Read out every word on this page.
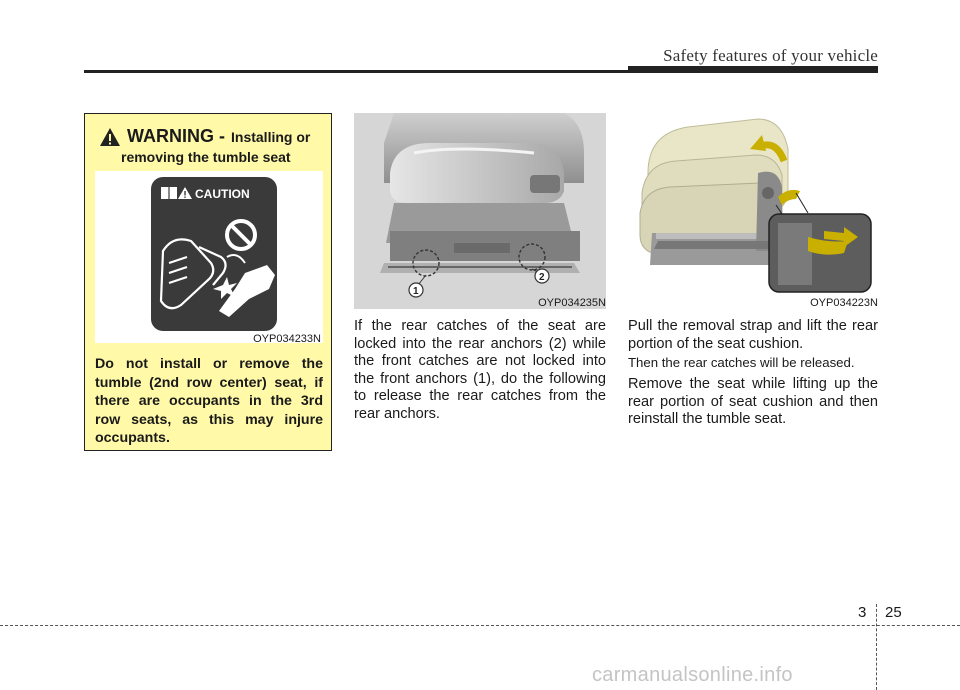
Safety features of your vehicle
WARNING - Installing or
removing the tumble seat
CAUTION
OYP034233N
Do not install or remove the tumble (2nd row center) seat, if there are occupants in the 3rd row seats, as this may injure occupants.
1
2
OYP034235N	OYP034223N
If the rear catches of the seat are locked into the rear anchors (2) while the front catches are not locked into the front anchors (1), do the following to release the rear catches from the rear anchors.
Pull the removal strap and lift the rear portion of the seat cushion.
Then the rear catches will be released.
Remove the seat while lifting up the rear portion of seat cushion and then reinstall the tumble seat.
3 25
carmanualsonline.info
